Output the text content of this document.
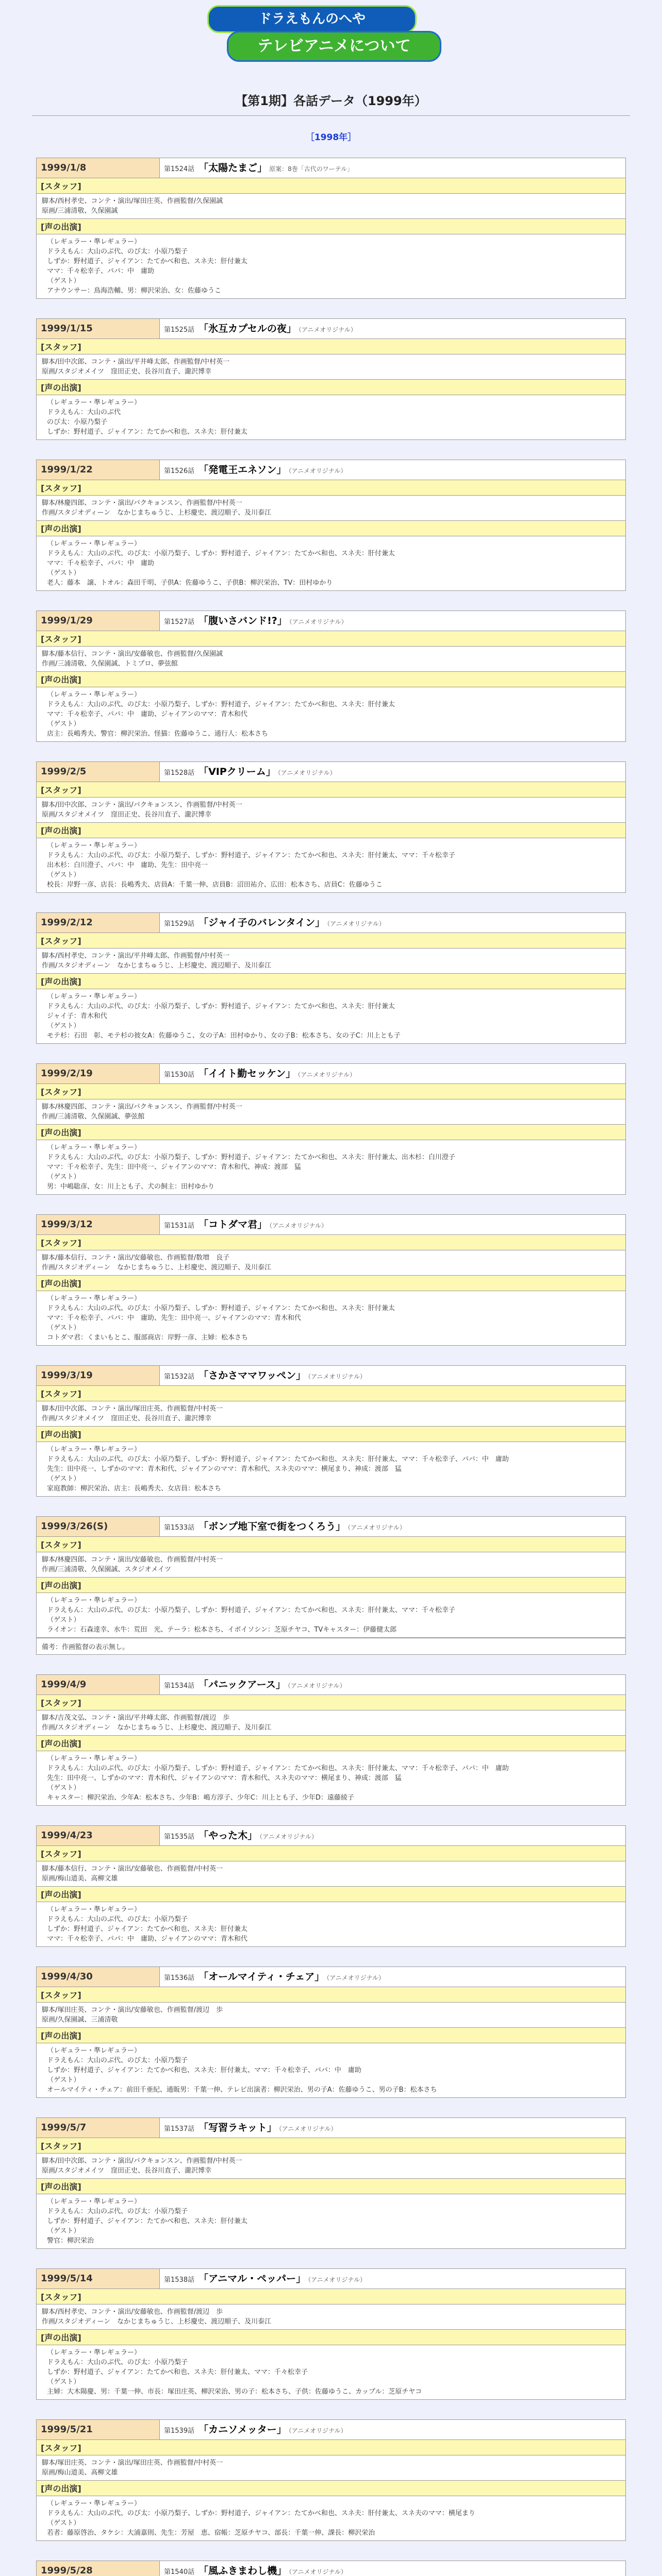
ドラえもんのへや
テレビアニメについて
【第1期】各話データ（1999年）
［1998年］
1999/1/8	第1524話 「太陽たまご」 原案：8巻「古代のワーテル」
[スタッフ]
脚本/西村孝史、コンテ・演出/塚田庄英、作画監督/久保園誠
原画/三浦清敬、久保園誠
[声の出演]
（レギュラー・準レギュラー）
ドラえもん：大山のぶ代、のび太：小原乃梨子
しずか：野村道子、ジャイアン：たてかべ和也、スネ夫：肝付兼太
ママ：千々松幸子、パパ：中　庸助
（ゲスト）
アナウンサー：鳥海浩輔、男：柳沢栄治、女：佐藤ゆうこ
1999/1/15	第1525話 「氷互カプセルの夜」 （アニメオリジナル）
[スタッフ]
脚本/田中次郎、コンテ・演出/平井峰太郎、作画監督/中村英一
原画/スタジオメイツ　窪田正史、長谷川直子、瀧沢博幸
[声の出演]
（レギュラー・準レギュラー）
ドラえもん：大山のぶ代
のび太：小原乃梨子
しずか：野村道子、ジャイアン：たてかべ和也、スネ夫：肝付兼太
1999/1/22	第1526話 「発電王エネソン」 （アニメオリジナル）
[スタッフ]
脚本/林慶四郎、コンテ・演出/パクキョンスン、作画監督/中村英一
作画/スタジオディーン　なかじまちゅうじ、上杉慶史、渡辺順子、及川泰江
[声の出演]
（レギュラー・準レギュラー）
ドラえもん：大山のぶ代、のび太：小原乃梨子、しずか：野村道子、ジャイアン：たてかべ和也、スネ夫：肝付兼太
ママ：千々松幸子、パパ：中　庸助
（ゲスト）
老人：藤本　譲、トオル：森田千明、子供A：佐藤ゆうこ、子供B：柳沢栄治、TV：田村ゆかり
1999/1/29	第1527話 「腹いさバンド!?」 （アニメオリジナル）
[スタッフ]
脚本/藤本信行、コンテ・演出/安藤敏也、作画監督/久保園誠
作画/三浦清敬、久保園誠、トミプロ、夢弦館
[声の出演]
（レギュラー・準レギュラー）
ドラえもん：大山のぶ代、のび太：小原乃梨子、しずか：野村道子、ジャイアン：たてかべ和也、スネ夫：肝付兼太
ママ：千々松幸子、パパ：中　庸助、ジャイアンのママ：青木和代
（ゲスト）
店主：長嶋秀夫、警官：柳沢栄治、怪猫：佐藤ゆうこ、通行人：松本さち
1999/2/5	第1528話 「VIPクリーム」 （アニメオリジナル）
[スタッフ]
脚本/田中次郎、コンテ・演出/パクキョンスン、作画監督/中村英一
原画/スタジオメイツ　窪田正史、長谷川直子、瀧沢博幸
[声の出演]
（レギュラー・準レギュラー）
ドラえもん：大山のぶ代、のび太：小原乃梨子、しずか：野村道子、ジャイアン：たてかべ和也、スネ夫：肝付兼太、ママ：千々松幸子
出木杉：白川澄子、パパ：中　庸助、先生：田中亮一
（ゲスト）
校長：岸野一彦、店長：長嶋秀夫、店員A：千葉一伸、店員B：沼田祐介、広田：松本さち、店員C：佐藤ゆうこ
1999/2/12	第1529話 「ジャイ子のバレンタイン」 （アニメオリジナル）
[スタッフ]
脚本/西村孝史、コンテ・演出/平井峰太郎、作画監督/中村英一
作画/スタジオディーン　なかじまちゅうじ、上杉慶史、渡辺順子、及川泰江
[声の出演]
（レギュラー・準レギュラー）
ドラえもん：大山のぶ代、のび太：小原乃梨子、しずか：野村道子、ジャイアン：たてかべ和也、スネ夫：肝付兼太
ジャイ子：青木和代
（ゲスト）
モテ杉：石田　彰、モテ杉の彼女A：佐藤ゆうこ、女の子A：田村ゆかり、女の子B：松本さち、女の子C：川上とも子
1999/2/19	第1530話 「イイト勤セッケン」 （アニメオリジナル）
[スタッフ]
脚本/林慶四郎、コンテ・演出/パクキョンスン、作画監督/中村英一
作画/三浦清敬、久保園誠、夢弦館
[声の出演]
（レギュラー・準レギュラー）
ドラえもん：大山のぶ代、のび太：小原乃梨子、しずか：野村道子、ジャイアン：たてかべ和也、スネ夫：肝付兼太、出木杉：白川澄子
ママ：千々松幸子、先生：田中亮一、ジャイアンのママ：青木和代、神成：渡部　猛
（ゲスト）
男：中嶋聡彦、女：川上とも子、犬の飼主：田村ゆかり
1999/3/12	第1531話 「コトダマ君」 （アニメオリジナル）
[スタッフ]
脚本/藤本信行、コンテ・演出/安藤敏也、作画監督/数増　良子
作画/スタジオディーン　なかじまちゅうじ、上杉慶史、渡辺順子、及川泰江
[声の出演]
（レギュラー・準レギュラー）
ドラえもん：大山のぶ代、のび太：小原乃梨子、しずか：野村道子、ジャイアン：たてかべ和也、スネ夫：肝付兼太
ママ：千々松幸子、パパ：中　庸助、先生：田中亮一、ジャイアンのママ：青木和代
（ゲスト）
コトダマ君：くまいもとこ、服部商店：岸野一彦、主婦：松本さち
1999/3/19	第1532話 「さかさママワッペン」 （アニメオリジナル）
[スタッフ]
脚本/田中次郎、コンテ・演出/塚田庄英、作画監督/中村英一
作画/スタジオメイツ　窪田正史、長谷川直子、瀧沢博幸
[声の出演]
（レギュラー・準レギュラー）
ドラえもん：大山のぶ代、のび太：小原乃梨子、しずか：野村道子、ジャイアン：たてかべ和也、スネ夫：肝付兼太、ママ：千々松幸子、パパ：中　庸助
先生：田中亮一、しずかのママ：青木和代、ジャイアンのママ：青木和代、スネ夫のママ：横尾まり、神成：渡部　猛
（ゲスト）
家庭教師：柳沢栄治、店主：長嶋秀夫、女店員：松本さち
1999/3/26(S)	第1533話 「ボンプ地下室で街をつくろう」 （アニメオリジナル）
[スタッフ]
脚本/林慶四郎、コンテ・演出/安藤敏也、作画監督/中村英一
作画/三浦清敬、久保園誠、スタジオメイツ
[声の出演]
（レギュラー・準レギュラー）
ドラえもん：大山のぶ代、のび太：小原乃梨子、しずか：野村道子、ジャイアン：たてかべ和也、スネ夫：肝付兼太、ママ：千々松幸子
（ゲスト）
ライオン：石森達幸、水牛：荒田　光、テーラ：松本さち、イボイソシン：芝原チヤコ、TVキャスター：伊藤健太郎
備考：作画監督の表示無し。
1999/4/9	第1534話 「パニックアース」 （アニメオリジナル）
[スタッフ]
脚本/吉茂文弘、コンテ・演出/平井峰太郎、作画監督/渡辺　歩
作画/スタジオディーン　なかじまちゅうじ、上杉慶史、渡辺順子、及川泰江
[声の出演]
（レギュラー・準レギュラー）
ドラえもん：大山のぶ代、のび太：小原乃梨子、しずか：野村道子、ジャイアン：たてかべ和也、スネ夫：肝付兼太、ママ：千々松幸子、パパ：中　庸助
先生：田中亮一、しずかのママ：青木和代、ジャイアンのママ：青木和代、スネ夫のママ：横尾まり、神成：渡部　猛
（ゲスト）
キャスター：柳沢栄治、少年A：松本さち、少年B：嶋方淳子、少年C：川上とも子、少年D：遠藤綾子
1999/4/23	第1535話 「やった木」 （アニメオリジナル）
[スタッフ]
脚本/藤本信行、コンテ・演出/安藤敏也、作画監督/中村英一
原画/梅山道美、高柳文雄
[声の出演]
（レギュラー・準レギュラー）
ドラえもん：大山のぶ代、のび太：小原乃梨子
しずか：野村道子、ジャイアン：たてかべ和也、スネ夫：肝付兼太
ママ：千々松幸子、パパ：中　庸助、ジャイアンのママ：青木和代
1999/4/30	第1536話 「オールマイティ・チェア」 （アニメオリジナル）
[スタッフ]
脚本/塚田庄英、コンテ・演出/安藤敏也、作画監督/渡辺　歩
原画/久保園誠、三浦清敬
[声の出演]
（レギュラー・準レギュラー）
ドラえもん：大山のぶ代、のび太：小原乃梨子
しずか：野村道子、ジャイアン：たてかべ和也、スネ夫：肝付兼太、ママ：千々松幸子、パパ：中　庸助
（ゲスト）
オールマイティ・チェア：前田千亜紀、通販男：千葉一伸、テレビ出演者：柳沢栄治、男の子A：佐藤ゆうこ、男の子B：松本さち
1999/5/7	第1537話 「写習ラキット」 （アニメオリジナル）
[スタッフ]
脚本/田中次郎、コンテ・演出/パクキョンスン、作画監督/中村英一
原画/スタジオメイツ　窪田正史、長谷川直子、瀧沢博幸
[声の出演]
（レギュラー・準レギュラー）
ドラえもん：大山のぶ代、のび太：小原乃梨子
しずか：野村道子、ジャイアン：たてかべ和也、スネ夫：肝付兼太
（ゲスト）
警官：柳沢栄治
1999/5/14	第1538話 「アニマル・ペッパー」 （アニメオリジナル）
[スタッフ]
脚本/西村孝史、コンテ・演出/安藤敏也、作画監督/渡辺　歩
作画/スタジオディーン　なかじまちゅうじ、上杉慶史、渡辺順子、及川泰江
[声の出演]
（レギュラー・準レギュラー）
ドラえもん：大山のぶ代、のび太：小原乃梨子
しずか：野村道子、ジャイアン：たてかべ和也、スネ夫：肝付兼太、ママ：千々松幸子
（ゲスト）
主婦：大木陽慶、男：千葉一伸、市長：塚田庄英、柳沢栄治、男の子：松本さち、子供：佐藤ゆうこ、カップル：芝原チヤコ
1999/5/21	第1539話 「カニソメッター」 （アニメオリジナル）
[スタッフ]
脚本/塚田庄英、コンテ・演出/塚田庄英、作画監督/中村英一
原画/梅山道美、高柳文雄
[声の出演]
（レギュラー・準レギュラー）
ドラえもん：大山のぶ代、のび太：小原乃梨子、しずか：野村道子、ジャイアン：たてかべ和也、スネ夫：肝付兼太、スネ夫のママ：横尾まり
（ゲスト）
若者：藤原啓治、タケシ：大浦嘉則、先生：芳屋　恵、宿帳：芝原チヤコ、部長：千葉一伸、課長：柳沢栄治
1999/5/28	第1540話 「風ふきまわし機」 （アニメオリジナル）
